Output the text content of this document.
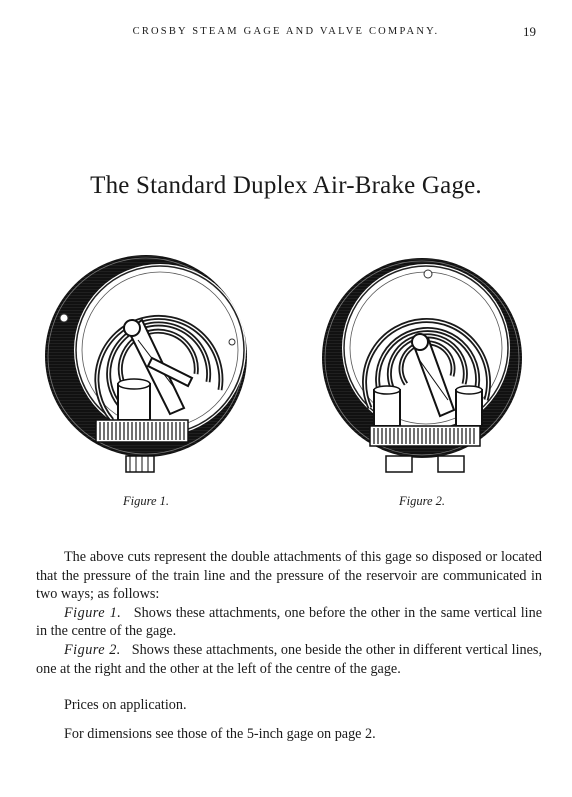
CROSBY STEAM GAGE AND VALVE COMPANY.	19
The Standard Duplex Air-Brake Gage.
Figure 1.	Figure 2.

The above cuts represent the double attachments of this gage so disposed or located that the pressure of the train line and the pressure of the reservoir are communicated in two ways; as follows:

Figure 1. Shows these attachments, one before the other in the same vertical line in the centre of the gage.

Figure 2. Shows these attachments, one beside the other in different vertical lines, one at the right and the other at the left of the centre of the gage.

Prices on application.

For dimensions see those of the 5-inch gage on page 2.
